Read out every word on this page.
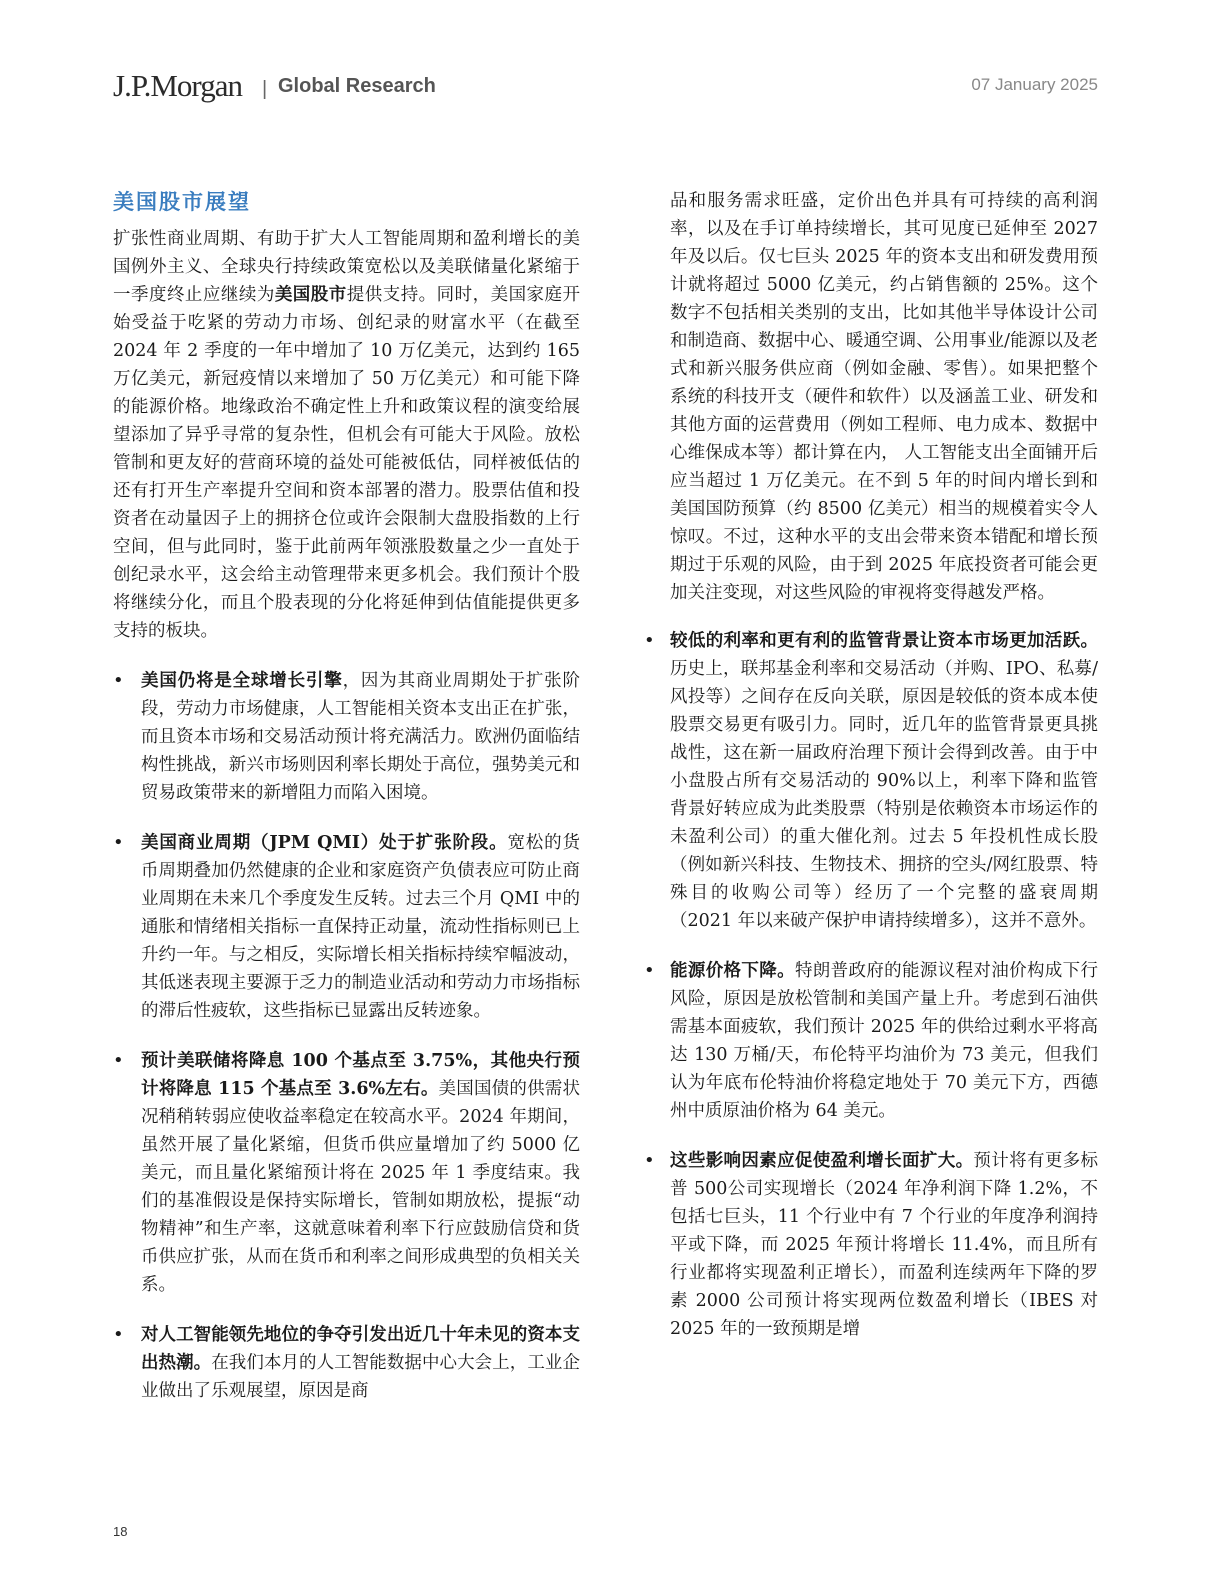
J.P.Morgan | Global Research	07 January 2025
美国股市展望

扩张性商业周期、有助于扩大人工智能周期和盈利增长的美国例外主义、全球央行持续政策宽松以及美联储量化紧缩于一季度终止应继续为美国股市提供支持。同时，美国家庭开始受益于吃紧的劳动力市场、创纪录的财富水平（在截至 2024 年 2 季度的一年中增加了 10 万亿美元，达到约 165 万亿美元，新冠疫情以来增加了 50 万亿美元）和可能下降的能源价格。地缘政治不确定性上升和政策议程的演变给展望添加了异乎寻常的复杂性，但机会有可能大于风险。放松管制和更友好的营商环境的益处可能被低估，同样被低估的还有打开生产率提升空间和资本部署的潜力。股票估值和投资者在动量因子上的拥挤仓位或许会限制大盘股指数的上行空间，但与此同时，鉴于此前两年领涨股数量之少一直处于创纪录水平，这会给主动管理带来更多机会。我们预计个股将继续分化，而且个股表现的分化将延伸到估值能提供更多支持的板块。

• 美国仍将是全球增长引擎，因为其商业周期处于扩张阶段，劳动力市场健康，人工智能相关资本支出正在扩张，而且资本市场和交易活动预计将充满活力。欧洲仍面临结构性挑战，新兴市场则因利率长期处于高位，强势美元和贸易政策带来的新增阻力而陷入困境。
• 美国商业周期（JPM QMI）处于扩张阶段。宽松的货币周期叠加仍然健康的企业和家庭资产负债表应可防止商业周期在未来几个季度发生反转。过去三个月 QMI 中的通胀和情绪相关指标一直保持正动量，流动性指标则已上升约一年。与之相反，实际增长相关指标持续窄幅波动，其低迷表现主要源于乏力的制造业活动和劳动力市场指标的滞后性疲软，这些指标已显露出反转迹象。
• 预计美联储将降息 100 个基点至 3.75%，其他央行预计将降息 115 个基点至 3.6%左右。美国国债的供需状况稍稍转弱应使收益率稳定在较高水平。2024 年期间，虽然开展了量化紧缩，但货币供应量增加了约 5000 亿美元，而且量化紧缩预计将在 2025 年 1 季度结束。我们的基准假设是保持实际增长，管制如期放松，提振“动物精神”和生产率，这就意味着利率下行应鼓励信贷和货币供应扩张，从而在货币和利率之间形成典型的负相关关系。
• 对人工智能领先地位的争夺引发出近几十年未见的资本支出热潮。在我们本月的人工智能数据中心大会上，工业企业做出了乐观展望，原因是商

品和服务需求旺盛，定价出色并具有可持续的高利润率，以及在手订单持续增长，其可见度已延伸至 2027 年及以后。仅七巨头 2025 年的资本支出和研发费用预计就将超过 5000 亿美元，约占销售额的 25%。这个数字不包括相关类别的支出，比如其他半导体设计公司和制造商、数据中心、暖通空调、公用事业/能源以及老式和新兴服务供应商（例如金融、零售）。如果把整个系统的科技开支（硬件和软件）以及涵盖工业、研发和其他方面的运营费用（例如工程师、电力成本、数据中心维保成本等）都计算在内， 人工智能支出全面铺开后应当超过 1 万亿美元。在不到 5 年的时间内增长到和美国国防预算（约 8500 亿美元）相当的规模着实令人惊叹。不过，这种水平的支出会带来资本错配和增长预期过于乐观的风险，由于到 2025 年底投资者可能会更加关注变现，对这些风险的审视将变得越发严格。

• 较低的利率和更有利的监管背景让资本市场更加活跃。历史上，联邦基金利率和交易活动（并购、IPO、私募/风投等）之间存在反向关联，原因是较低的资本成本使股票交易更有吸引力。同时，近几年的监管背景更具挑战性，这在新一届政府治理下预计会得到改善。由于中小盘股占所有交易活动的 90%以上，利率下降和监管背景好转应成为此类股票（特别是依赖资本市场运作的未盈利公司）的重大催化剂。过去 5 年投机性成长股（例如新兴科技、生物技术、拥挤的空头/网红股票、特殊目的收购公司等）经历了一个完整的盛衰周期（2021 年以来破产保护申请持续增多），这并不意外。
• 能源价格下降。特朗普政府的能源议程对油价构成下行风险，原因是放松管制和美国产量上升。考虑到石油供需基本面疲软，我们预计 2025 年的供给过剩水平将高达 130 万桶/天，布伦特平均油价为 73 美元，但我们认为年底布伦特油价将稳定地处于 70 美元下方，西德州中质原油价格为 64 美元。
• 这些影响因素应促使盈利增长面扩大。预计将有更多标普 500公司实现增长（2024 年净利润下降 1.2%，不包括七巨头，11 个行业中有 7 个行业的年度净利润持平或下降，而 2025 年预计将增长 11.4%，而且所有行业都将实现盈利正增长），而盈利连续两年下降的罗素 2000 公司预计将实现两位数盈利增长（IBES 对 2025 年的一致预期是增
18
